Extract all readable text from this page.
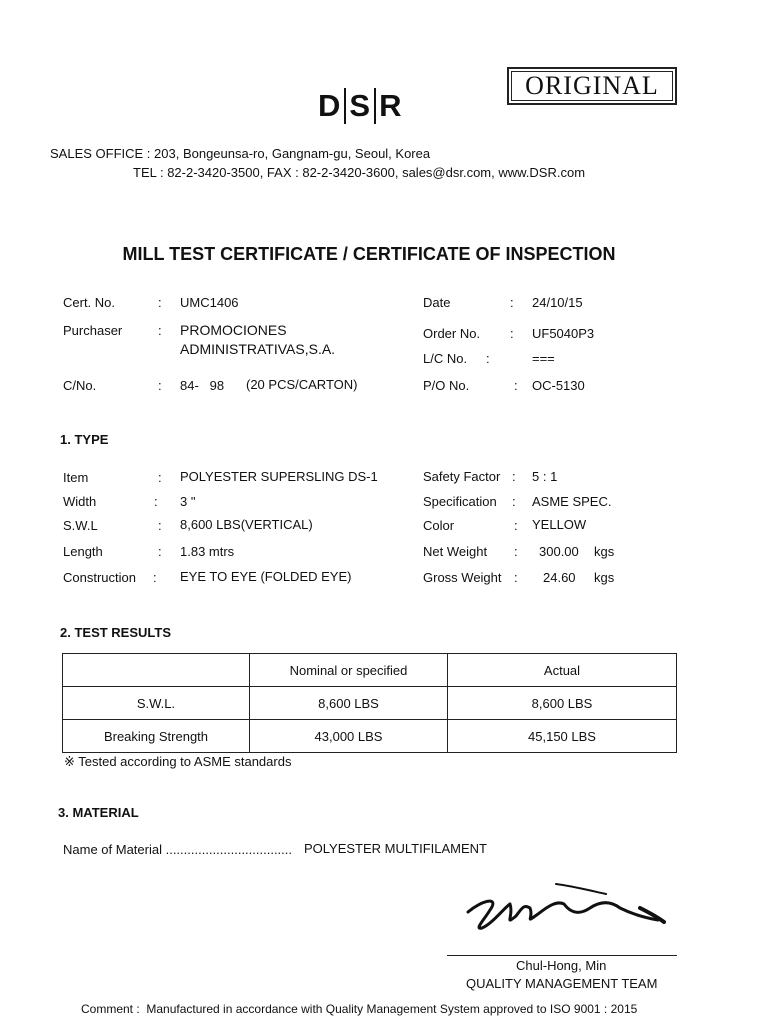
D S R
ORIGINAL
SALES OFFICE : 203, Bongeunsa-ro, Gangnam-gu, Seoul, Korea
TEL : 82-2-3420-3500, FAX : 82-2-3420-3600, sales@dsr.com, www.DSR.com
MILL TEST CERTIFICATE / CERTIFICATE OF INSPECTION
Cert. No.	: UMC1406
Purchaser	: PROMOCIONES
ADMINISTRATIVAS,S.A.
C/No.	: 84-   98 (20 PCS/CARTON)
Date	: 24/10/15
Order No. : UF5040P3
L/C No. :	===
P/O No.	: OC-5130
1. TYPE
Item	: POLYESTER SUPERSLING DS-1
Width	: 3 "
S.W.L	: 8,600 LBS(VERTICAL)
Length	: 1.83 mtrs
Construction : EYE TO EYE (FOLDED EYE)
Safety Factor : 5 : 1
Specification : ASME SPEC.
Color	: YELLOW
Net Weight : 300.00 kgs
Gross Weight : 24.60 kgs
2. TEST RESULTS
	Nominal or specified	Actual
S.W.L.	8,600 LBS	8,600 LBS
Breaking Strength	43,000 LBS	45,150 LBS
※ Tested according to ASME standards
3. MATERIAL
Name of Material ................................... POLYESTER MULTIFILAMENT
Chul-Hong, Min
QUALITY MANAGEMENT TEAM
Comment :  Manufactured in accordance with Quality Management System approved to ISO 9001 : 2015
